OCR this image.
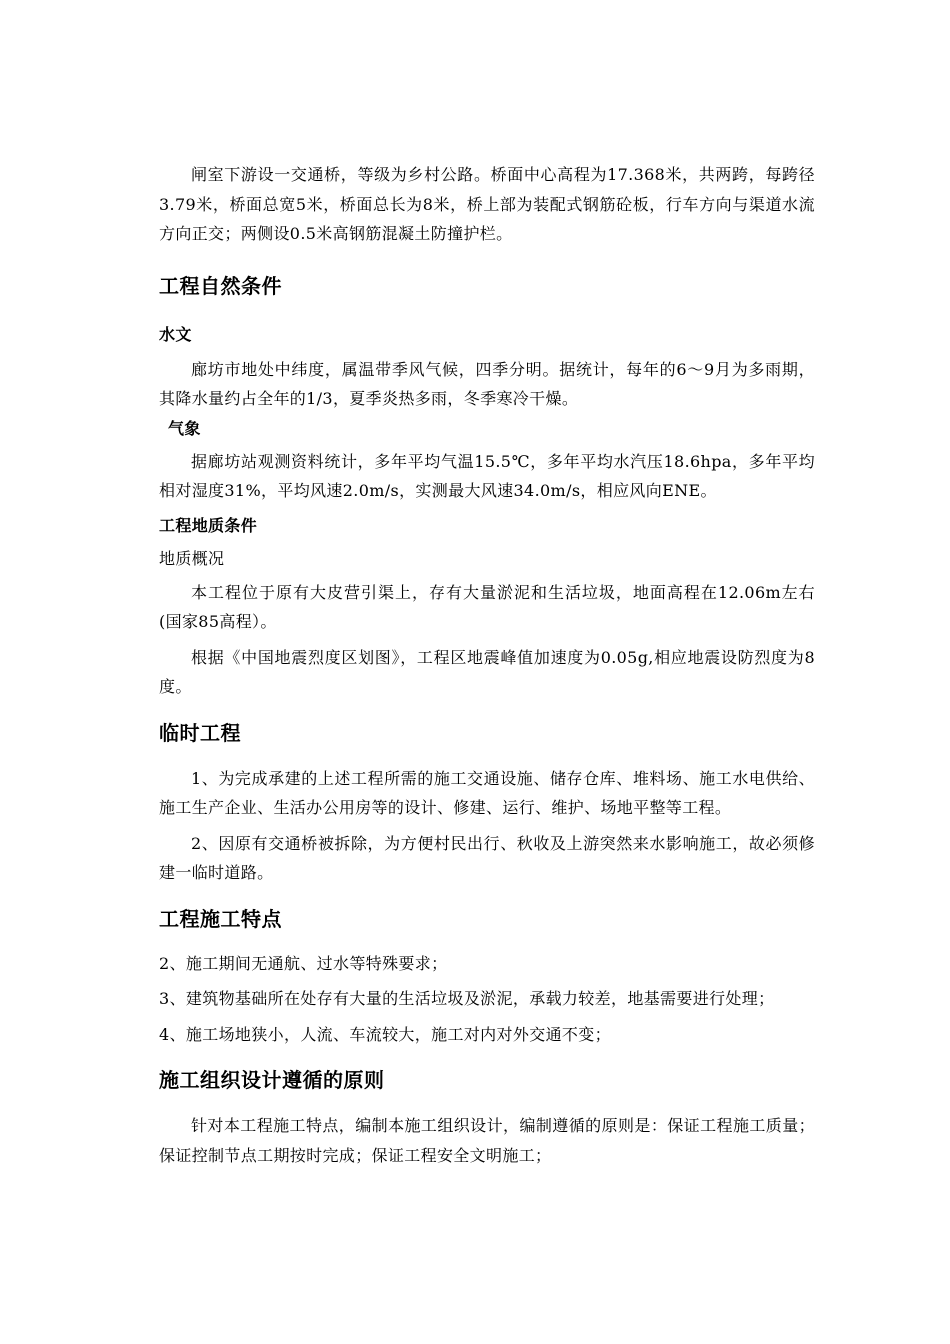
闸室下游设一交通桥，等级为乡村公路。桥面中心高程为17.368米，共两跨，每跨径3.79米，桥面总宽5米，桥面总长为8米，桥上部为装配式钢筋砼板，行车方向与渠道水流方向正交；两侧设0.5米高钢筋混凝土防撞护栏。

工程自然条件
水文

廊坊市地处中纬度，属温带季风气候，四季分明。据统计，每年的6～9月为多雨期，其降水量约占全年的1/3，夏季炎热多雨，冬季寒冷干燥。

气象

据廊坊站观测资料统计，多年平均气温15.5℃，多年平均水汽压18.6hpa，多年平均相对湿度31%，平均风速2.0m/s，实测最大风速34.0m/s，相应风向ENE。

工程地质条件
地质概况

本工程位于原有大皮营引渠上，存有大量淤泥和生活垃圾，地面高程在12.06m左右(国家85高程）。

根据《中国地震烈度区划图》，工程区地震峰值加速度为0.05g,相应地震设防烈度为8度。

临时工程

1、为完成承建的上述工程所需的施工交通设施、储存仓库、堆料场、施工水电供给、施工生产企业、生活办公用房等的设计、修建、运行、维护、场地平整等工程。

2、因原有交通桥被拆除，为方便村民出行、秋收及上游突然来水影响施工，故必须修建一临时道路。

工程施工特点

2、施工期间无通航、过水等特殊要求；

3、建筑物基础所在处存有大量的生活垃圾及淤泥，承载力较差，地基需要进行处理；

4、施工场地狭小，人流、车流较大，施工对内对外交通不变；

施工组织设计遵循的原则

针对本工程施工特点，编制本施工组织设计，编制遵循的原则是：保证工程施工质量；保证控制节点工期按时完成；保证工程安全文明施工；
